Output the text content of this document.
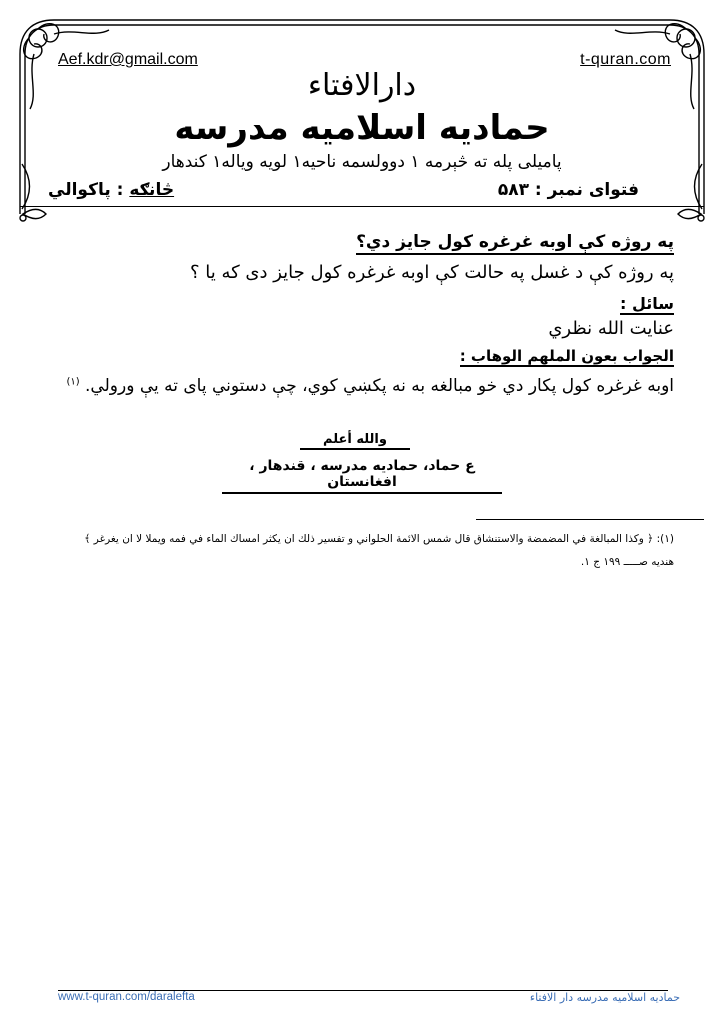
Aef.kdr@gmail.com	t-quran.com
دارالافتاء
حمادیه اسلامیه مدرسه
پامیلی پله ته څېرمه ۱ دوولسمه ناحیه۱ لویه ویاله۱ کندهار
فتوای نمبر : ۵۸۳
څانګه : پاکوالي
په روژه کې اوبه غرغره کول جایز دي؟
په روژه کې د غسل په حالت کې اوبه غرغره کول جایز دی که یا ؟
سائل :
عنایت الله نظري
الجواب بعون الملهم الوهاب :
اوبه غرغره کول پکار دي خو مبالغه به نه پکښي کوي، چې دستوني پای ته یې ورولي. $^{(۱)}$
والله أعلم
ع حماد، حمادیه مدرسه ، قندهار ، افغانستان
(۱): ﴿ وكذا المبالغة في المضمضة والاستنشاق قال شمس الائمة الحلواني و تفسير ذلك ان يكثر امساك الماء في فمه ويملا لا ان يغرغر ﴾
هنديه صـــــ ۱۹۹ ج ۱.
www.t-quran.com/daralefta	حمادیه اسلامیه مدرسه دار الافتاء
